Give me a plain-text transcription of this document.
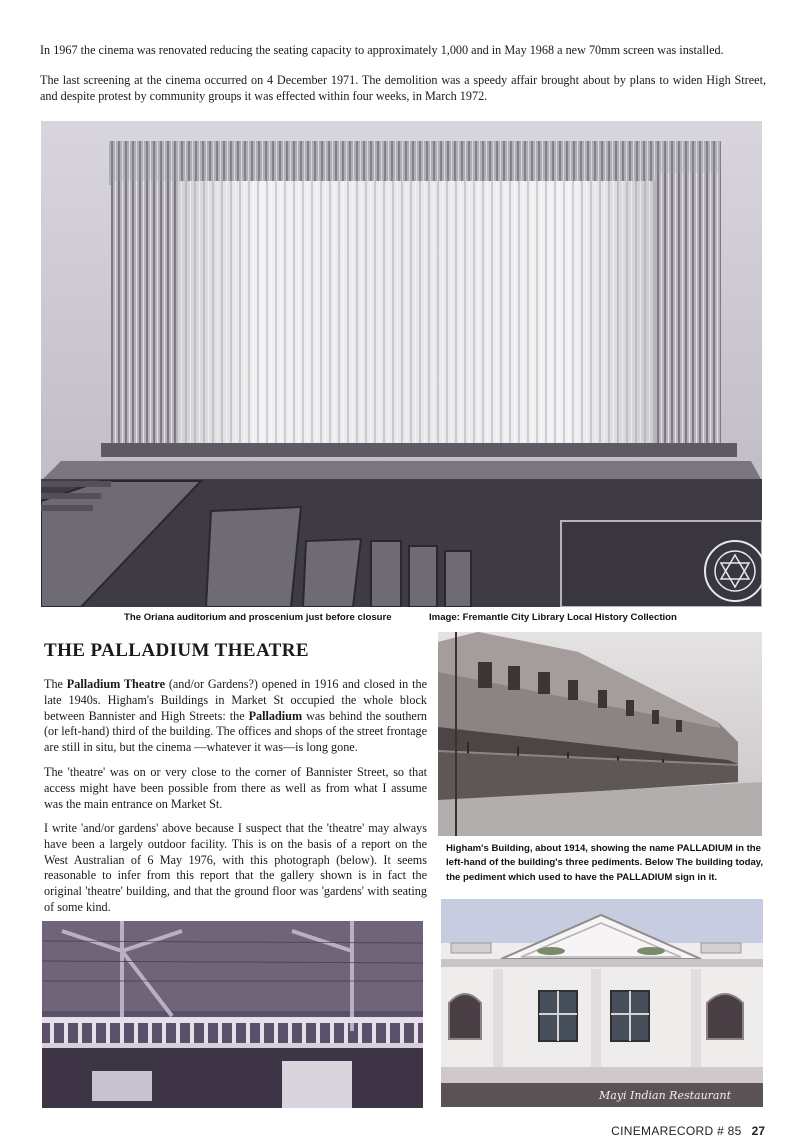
In 1967 the cinema was renovated reducing the seating capacity to approximately 1,000 and in May 1968 a new 70mm screen was installed.

The last screening at the cinema occurred on 4 December 1971. The demolition was a speedy affair brought about by plans to widen High Street, and despite protest by community groups it was effected within four weeks, in March 1972.

The Oriana auditorium and proscenium just before closure	Image: Fremantle City Library Local History Collection
THE PALLADIUM THEATRE

The Palladium Theatre (and/or Gardens?) opened in 1916 and closed in the late 1940s. Higham's Buildings in Market St occupied the whole block between Bannister and High Streets: the Palladium was behind the southern (or left-hand) third of the building. The offices and shops of the street frontage are still in situ, but the cinema —whatever it was—is long gone.

The 'theatre' was on or very close to the corner of Bannister Street, so that access might have been possible from there as well as from what I assume was the main entrance on Market St.

I write 'and/or gardens' above because I suspect that the 'theatre' may always have been a largely outdoor facility. This is on the basis of a report on the West Australian of 6 May 1976, with this photograph (below). It seems reasonable to infer from this report that the gallery shown is in fact the original 'theatre' building, and that the ground floor was 'gardens' with seating of some kind.

Higham's Building, about 1914, showing the name PALLADIUM in the left-hand of the building's three pediments. Below The building today, the pediment which used to have the PALLADIUM sign in it.
Mayi Indian Restaurant
CINEMARECORD # 85 27
